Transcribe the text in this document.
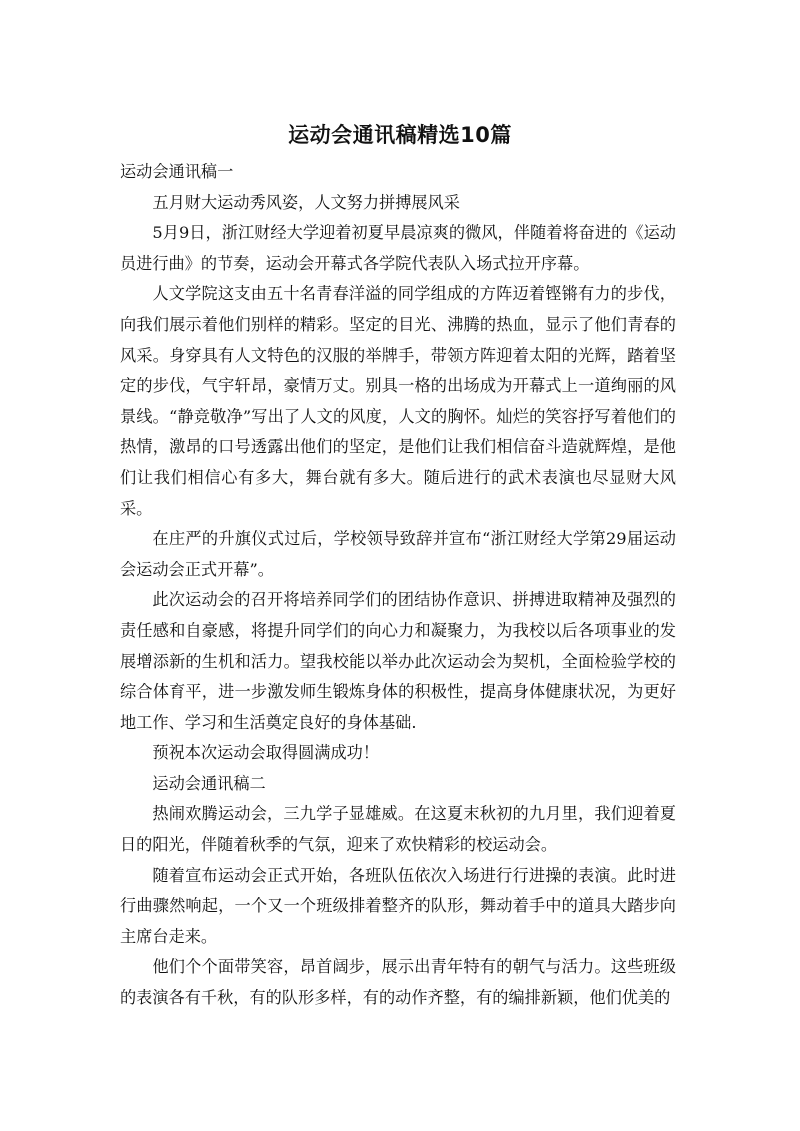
运动会通讯稿精选10篇

运动会通讯稿一

五月财大运动秀风姿，人文努力拼搏展风采

5月9日，浙江财经大学迎着初夏早晨凉爽的微风，伴随着将奋进的《运动员进行曲》的节奏，运动会开幕式各学院代表队入场式拉开序幕。

人文学院这支由五十名青春洋溢的同学组成的方阵迈着铿锵有力的步伐，向我们展示着他们别样的精彩。坚定的目光、沸腾的热血，显示了他们青春的风采。身穿具有人文特色的汉服的举牌手，带领方阵迎着太阳的光辉，踏着坚定的步伐，气宇轩昂，豪情万丈。别具一格的出场成为开幕式上一道绚丽的风景线。“静竞敬净”写出了人文的风度，人文的胸怀。灿烂的笑容抒写着他们的热情，激昂的口号透露出他们的坚定，是他们让我们相信奋斗造就辉煌，是他们让我们相信心有多大，舞台就有多大。随后进行的武术表演也尽显财大风采。

在庄严的升旗仪式过后，学校领导致辞并宣布“浙江财经大学第29届运动会运动会正式开幕”。

此次运动会的召开将培养同学们的团结协作意识、拼搏进取精神及强烈的责任感和自豪感，将提升同学们的向心力和凝聚力，为我校以后各项事业的发展增添新的生机和活力。望我校能以举办此次运动会为契机，全面检验学校的综合体育平，进一步激发师生锻炼身体的积极性，提高身体健康状况，为更好地工作、学习和生活奠定良好的身体基础.

预祝本次运动会取得圆满成功！

运动会通讯稿二

热闹欢腾运动会，三九学子显雄威。在这夏末秋初的九月里，我们迎着夏日的阳光，伴随着秋季的气氛，迎来了欢快精彩的校运动会。

随着宣布运动会正式开始，各班队伍依次入场进行行进操的表演。此时进行曲骤然响起，一个又一个班级排着整齐的队形，舞动着手中的道具大踏步向主席台走来。

他们个个面带笑容，昂首阔步，展示出青年特有的朝气与活力。这些班级的表演各有千秋，有的队形多样，有的动作齐整，有的编排新颖，他们优美的
